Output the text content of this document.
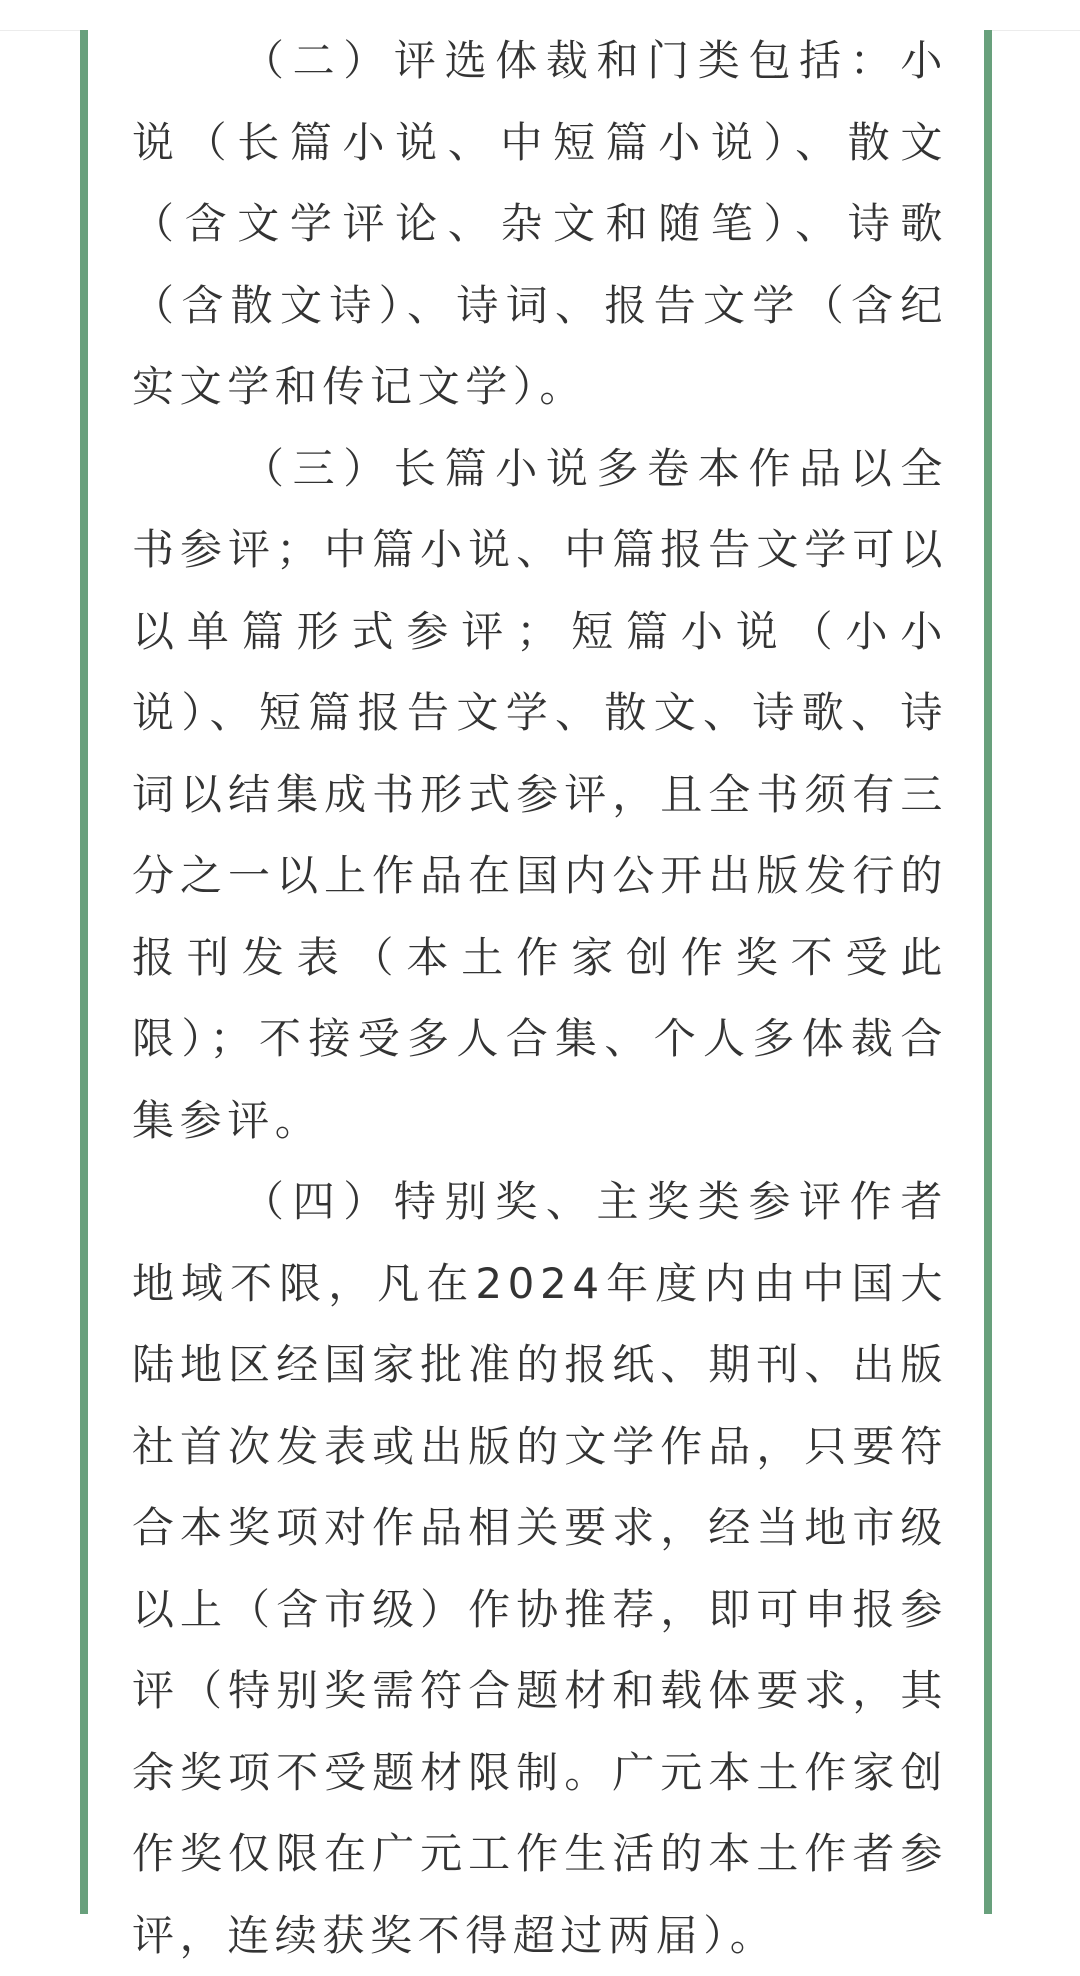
（二）评选体裁和门类包括：小说（长篇小说、中短篇小说）、散文（含文学评论、杂文和随笔）、诗歌（含散文诗）、诗词、报告文学（含纪实文学和传记文学）。

（三）长篇小说多卷本作品以全书参评；中篇小说、中篇报告文学可以以单篇形式参评；短篇小说（小小说）、短篇报告文学、散文、诗歌、诗词以结集成书形式参评，且全书须有三分之一以上作品在国内公开出版发行的报刊发表（本土作家创作奖不受此限）；不接受多人合集、个人多体裁合集参评。

（四）特别奖、主奖类参评作者地域不限，凡在2024年度内由中国大陆地区经国家批准的报纸、期刊、出版社首次发表或出版的文学作品，只要符合本奖项对作品相关要求，经当地市级以上（含市级）作协推荐，即可申报参评（特别奖需符合题材和载体要求，其余奖项不受题材限制。广元本土作家创作奖仅限在广元工作生活的本土作者参评，连续获奖不得超过两届）。
